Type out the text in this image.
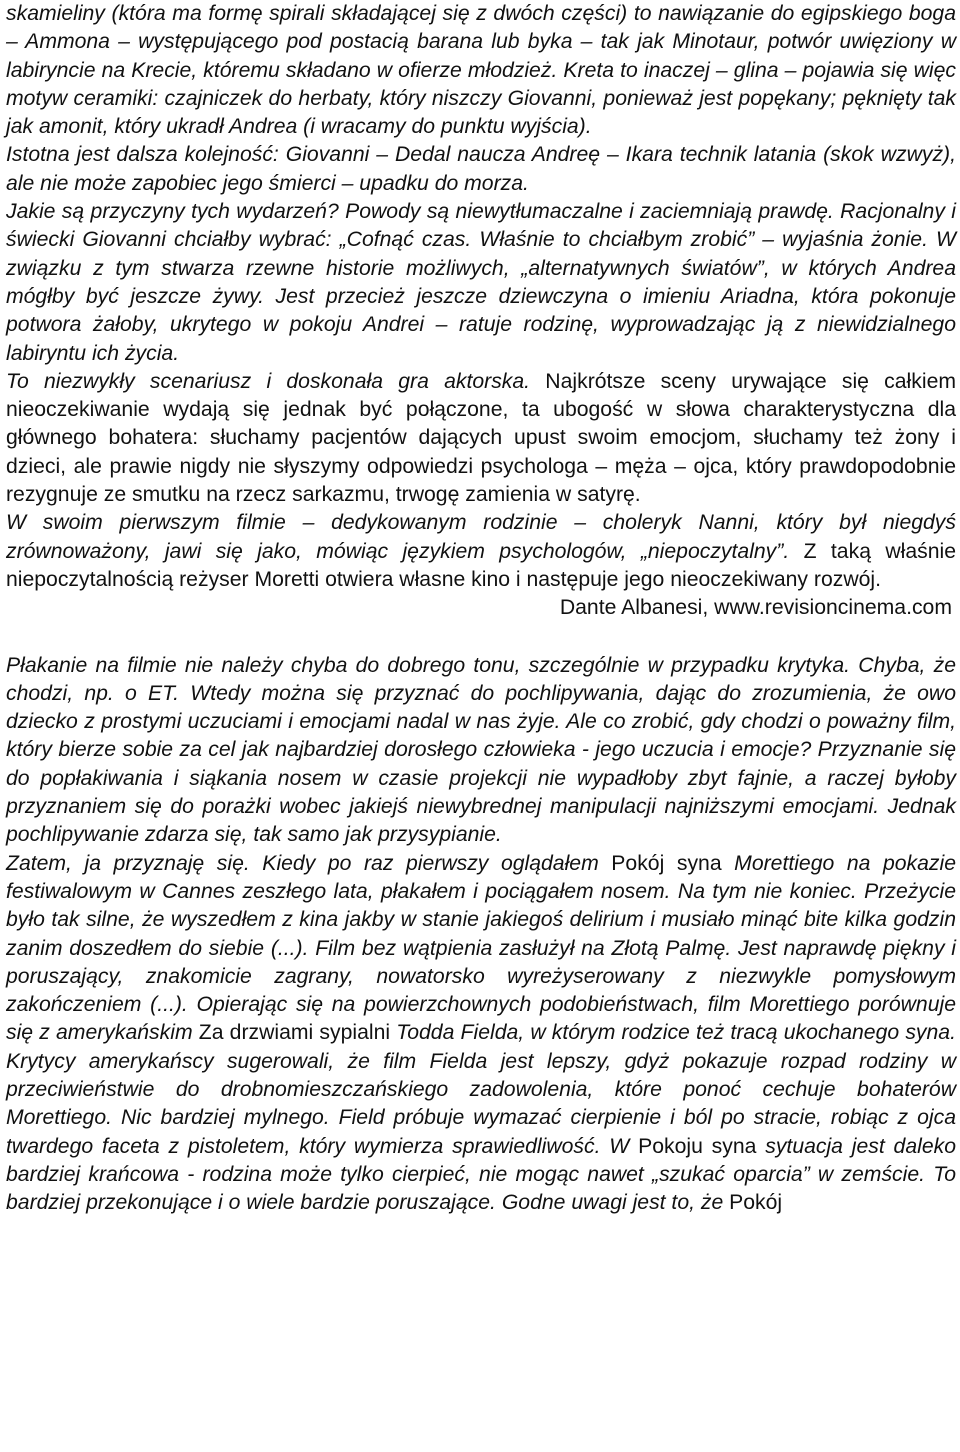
skamieliny (która ma formę spirali składającej się z dwóch części) to nawiązanie do egipskiego boga – Ammona – występującego pod postacią barana lub byka – tak jak Minotaur, potwór uwięziony w labiryncie na Krecie, któremu składano w ofierze młodzież. Kreta to inaczej – glina – pojawia się więc motyw ceramiki: czajniczek do herbaty, który niszczy Giovanni, ponieważ jest popękany; pęknięty tak jak amonit, który ukradł Andrea (i wracamy do punktu wyjścia).

Istotna jest dalsza kolejność: Giovanni – Dedal naucza Andreę – Ikara technik latania (skok wzwyż), ale nie może zapobiec jego śmierci – upadku do morza.

Jakie są przyczyny tych wydarzeń? Powody są niewytłumaczalne i zaciemniają prawdę. Racjonalny i świecki Giovanni chciałby wybrać: „Cofnąć czas. Właśnie to chciałbym zrobić” – wyjaśnia żonie. W związku z tym stwarza rzewne historie możliwych, „alternatywnych światów”, w których Andrea mógłby być jeszcze żywy. Jest przecież jeszcze dziewczyna o imieniu Ariadna, która pokonuje potwora żałoby, ukrytego w pokoju Andrei – ratuje rodzinę, wyprowadzając ją z niewidzialnego labiryntu ich życia.

To niezwykły scenariusz i doskonała gra aktorska. Najkrótsze sceny urywające się całkiem nieoczekiwanie wydają się jednak być połączone, ta ubogość w słowa charakterystyczna dla głównego bohatera: słuchamy pacjentów dających upust swoim emocjom, słuchamy też żony i dzieci, ale prawie nigdy nie słyszymy odpowiedzi psychologa – męża – ojca, który prawdopodobnie rezygnuje ze smutku na rzecz sarkazmu, trwogę zamienia w satyrę.

W swoim pierwszym filmie – dedykowanym rodzinie – choleryk Nanni, który był niegdyś zrównoważony, jawi się jako, mówiąc językiem psychologów, „niepoczytalny”. Z taką właśnie niepoczytalnością reżyser Moretti otwiera własne kino i następuje jego nieoczekiwany rozwój.

Dante Albanesi, www.revisioncinema.com

Płakanie na filmie nie należy chyba do dobrego tonu, szczególnie w przypadku krytyka. Chyba, że chodzi, np. o ET. Wtedy można się przyznać do pochlipywania, dając do zrozumienia, że owo dziecko z prostymi uczuciami i emocjami nadal w nas żyje. Ale co zrobić, gdy chodzi o poważny film, który bierze sobie za cel jak najbardziej dorosłego człowieka - jego uczucia i emocje? Przyznanie się do popłakiwania i siąkania nosem w czasie projekcji nie wypadłoby zbyt fajnie, a raczej byłoby przyznaniem się do porażki wobec jakiejś niewybrednej manipulacji najniższymi emocjami. Jednak pochlipywanie zdarza się, tak samo jak przysypianie.

Zatem, ja przyznaję się. Kiedy po raz pierwszy oglądałem Pokój syna Morettiego na pokazie festiwalowym w Cannes zeszłego lata, płakałem i pociągałem nosem. Na tym nie koniec. Przeżycie było tak silne, że wyszedłem z kina jakby w stanie jakiegoś delirium i musiało minąć bite kilka godzin zanim doszedłem do siebie (...). Film bez wątpienia zasłużył na Złotą Palmę. Jest naprawdę piękny i poruszający, znakomicie zagrany, nowatorsko wyreżyserowany z niezwykle pomysłowym zakończeniem (...). Opierając się na powierzchownych podobieństwach, film Morettiego porównuje się z amerykańskim Za drzwiami sypialni Todda Fielda, w którym rodzice też tracą ukochanego syna. Krytycy amerykańscy sugerowali, że film Fielda jest lepszy, gdyż pokazuje rozpad rodziny w przeciwieństwie do drobnomieszczańskiego zadowolenia, które ponoć cechuje bohaterów Morettiego. Nic bardziej mylnego. Field próbuje wymazać cierpienie i ból po stracie, robiąc z ojca twardego faceta z pistoletem, który wymierza sprawiedliwość. W Pokoju syna sytuacja jest daleko bardziej krańcowa - rodzina może tylko cierpieć, nie mogąc nawet „szukać oparcia” w zemście. To bardziej przekonujące i o wiele bardzie poruszające. Godne uwagi jest to, że Pokój
